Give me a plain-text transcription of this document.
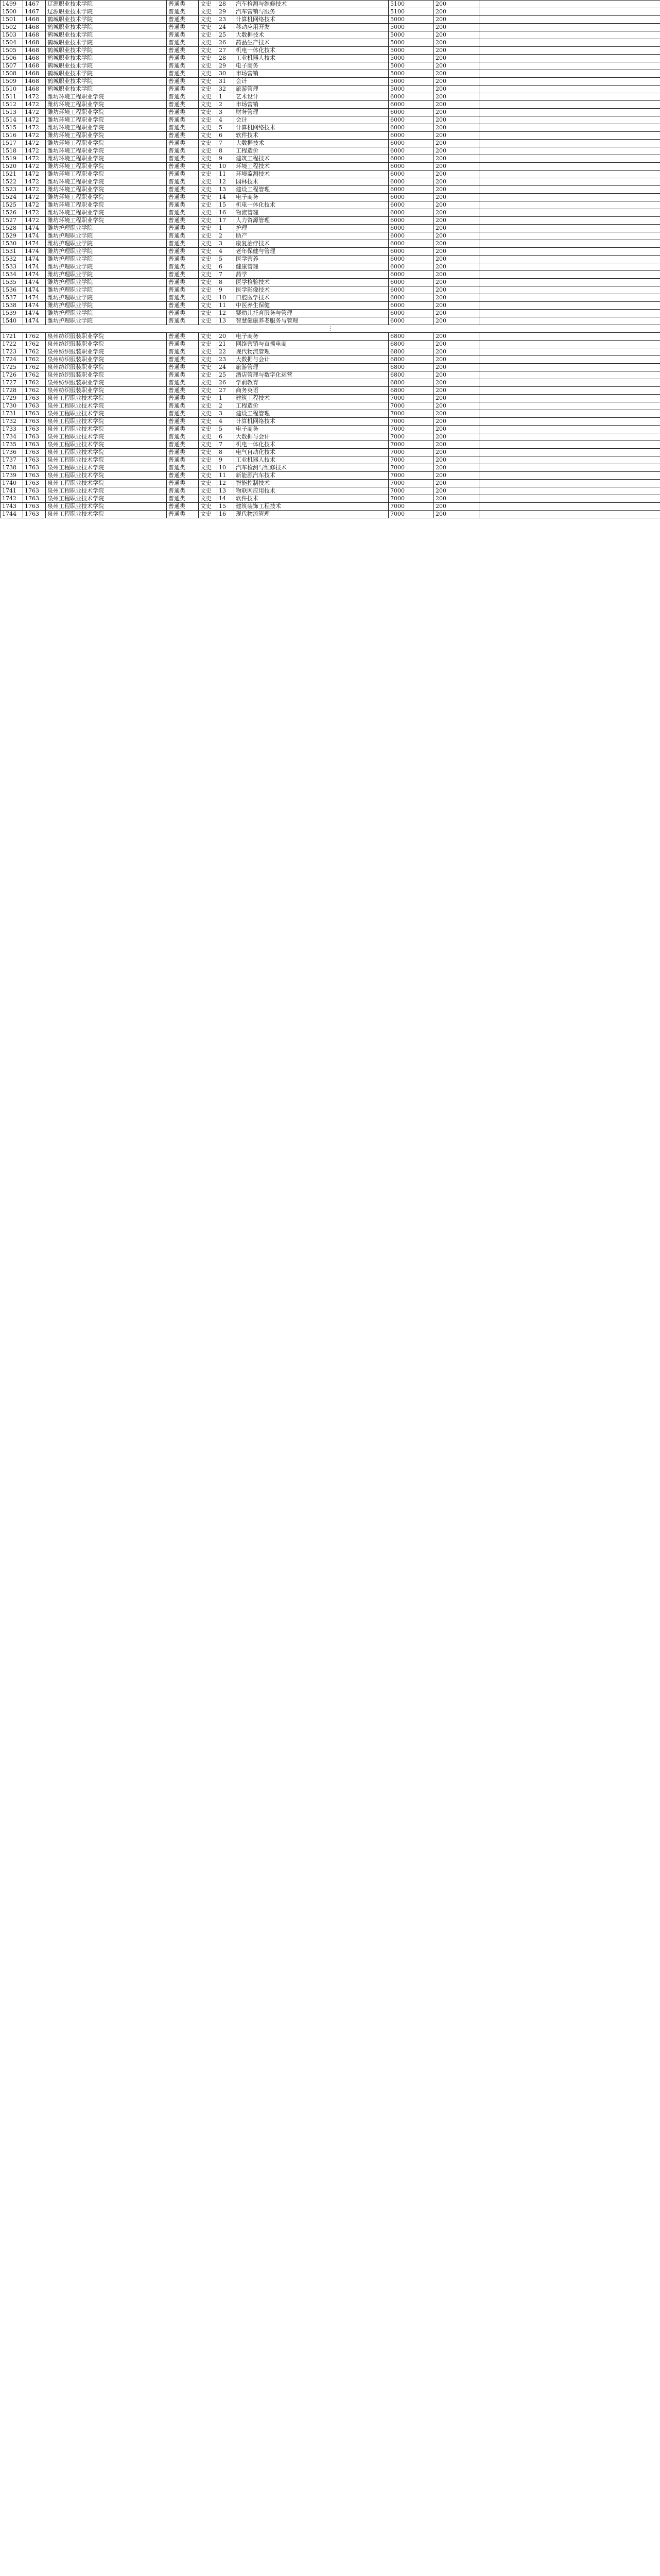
1499	1467	辽源职业技术学院	普通类	文史	28	汽车检测与维修技术	5100	200	
1500	1467	辽源职业技术学院	普通类	文史	29	汽车营销与服务	5100	200	
1501	1468	鹤城职业技术学院	普通类	文史	23	计算机网络技术	5000	200	
1502	1468	鹤城职业技术学院	普通类	文史	24	移动应用开发	5000	200	
1503	1468	鹤城职业技术学院	普通类	文史	25	大数据技术	5000	200	
1504	1468	鹤城职业技术学院	普通类	文史	26	药品生产技术	5000	200	
1505	1468	鹤城职业技术学院	普通类	文史	27	机电一体化技术	5000	200	
1506	1468	鹤城职业技术学院	普通类	文史	28	工业机器人技术	5000	200	
1507	1468	鹤城职业技术学院	普通类	文史	29	电子商务	5000	200	
1508	1468	鹤城职业技术学院	普通类	文史	30	市场营销	5000	200	
1509	1468	鹤城职业技术学院	普通类	文史	31	会计	5000	200	
1510	1468	鹤城职业技术学院	普通类	文史	32	旅游管理	5000	200	
1511	1472	潍坊环境工程职业学院	普通类	文史	1	艺术设计	6000	200	
1512	1472	潍坊环境工程职业学院	普通类	文史	2	市场营销	6000	200	
1513	1472	潍坊环境工程职业学院	普通类	文史	3	财务管理	6000	200	
1514	1472	潍坊环境工程职业学院	普通类	文史	4	会计	6000	200	
1515	1472	潍坊环境工程职业学院	普通类	文史	5	计算机网络技术	6000	200	
1516	1472	潍坊环境工程职业学院	普通类	文史	6	软件技术	6000	200	
1517	1472	潍坊环境工程职业学院	普通类	文史	7	大数据技术	6000	200	
1518	1472	潍坊环境工程职业学院	普通类	文史	8	工程造价	6000	200	
1519	1472	潍坊环境工程职业学院	普通类	文史	9	建筑工程技术	6000	200	
1520	1472	潍坊环境工程职业学院	普通类	文史	10	环境工程技术	6000	200	
1521	1472	潍坊环境工程职业学院	普通类	文史	11	环境监测技术	6000	200	
1522	1472	潍坊环境工程职业学院	普通类	文史	12	园林技术	6000	200	
1523	1472	潍坊环境工程职业学院	普通类	文史	13	建设工程管理	6000	200	
1524	1472	潍坊环境工程职业学院	普通类	文史	14	电子商务	6000	200	
1525	1472	潍坊环境工程职业学院	普通类	文史	15	机电一体化技术	6000	200	
1526	1472	潍坊环境工程职业学院	普通类	文史	16	物流管理	6000	200	
1527	1472	潍坊环境工程职业学院	普通类	文史	17	人力资源管理	6000	200	
1528	1474	潍坊护理职业学院	普通类	文史	1	护理	6000	200	
1529	1474	潍坊护理职业学院	普通类	文史	2	助产	6000	200	
1530	1474	潍坊护理职业学院	普通类	文史	3	康复治疗技术	6000	200	
1531	1474	潍坊护理职业学院	普通类	文史	4	老年保健与管理	6000	200	
1532	1474	潍坊护理职业学院	普通类	文史	5	医学营养	6000	200	
1533	1474	潍坊护理职业学院	普通类	文史	6	健康管理	6000	200	
1534	1474	潍坊护理职业学院	普通类	文史	7	药学	6000	200	
1535	1474	潍坊护理职业学院	普通类	文史	8	医学检验技术	6000	200	
1536	1474	潍坊护理职业学院	普通类	文史	9	医学影像技术	6000	200	
1537	1474	潍坊护理职业学院	普通类	文史	10	口腔医学技术	6000	200	
1538	1474	潍坊护理职业学院	普通类	文史	11	中医养生保健	6000	200	
1539	1474	潍坊护理职业学院	普通类	文史	12	婴幼儿托育服务与管理	6000	200	
1540	1474	潍坊护理职业学院	普通类	文史	13	智慧健康养老服务与管理	6000	200	
⋮									
1721	1762	泉州纺织服装职业学院	普通类	文史	20	电子商务	6800	200	
1722	1762	泉州纺织服装职业学院	普通类	文史	21	网络营销与直播电商	6800	200	
1723	1762	泉州纺织服装职业学院	普通类	文史	22	现代物流管理	6800	200	
1724	1762	泉州纺织服装职业学院	普通类	文史	23	大数据与会计	6800	200	
1725	1762	泉州纺织服装职业学院	普通类	文史	24	旅游管理	6800	200	
1726	1762	泉州纺织服装职业学院	普通类	文史	25	酒店管理与数字化运营	6800	200	
1727	1762	泉州纺织服装职业学院	普通类	文史	26	学前教育	6800	200	
1728	1762	泉州纺织服装职业学院	普通类	文史	27	商务英语	6800	200	
1729	1763	泉州工程职业技术学院	普通类	文史	1	建筑工程技术	7000	200	
1730	1763	泉州工程职业技术学院	普通类	文史	2	工程造价	7000	200	
1731	1763	泉州工程职业技术学院	普通类	文史	3	建设工程管理	7000	200	
1732	1763	泉州工程职业技术学院	普通类	文史	4	计算机网络技术	7000	200	
1733	1763	泉州工程职业技术学院	普通类	文史	5	电子商务	7000	200	
1734	1763	泉州工程职业技术学院	普通类	文史	6	大数据与会计	7000	200	
1735	1763	泉州工程职业技术学院	普通类	文史	7	机电一体化技术	7000	200	
1736	1763	泉州工程职业技术学院	普通类	文史	8	电气自动化技术	7000	200	
1737	1763	泉州工程职业技术学院	普通类	文史	9	工业机器人技术	7000	200	
1738	1763	泉州工程职业技术学院	普通类	文史	10	汽车检测与维修技术	7000	200	
1739	1763	泉州工程职业技术学院	普通类	文史	11	新能源汽车技术	7000	200	
1740	1763	泉州工程职业技术学院	普通类	文史	12	智能控制技术	7000	200	
1741	1763	泉州工程职业技术学院	普通类	文史	13	物联网应用技术	7000	200	
1742	1763	泉州工程职业技术学院	普通类	文史	14	软件技术	7000	200	
1743	1763	泉州工程职业技术学院	普通类	文史	15	建筑装饰工程技术	7000	200	
1744	1763	泉州工程职业技术学院	普通类	文史	16	现代物流管理	7000	200	
